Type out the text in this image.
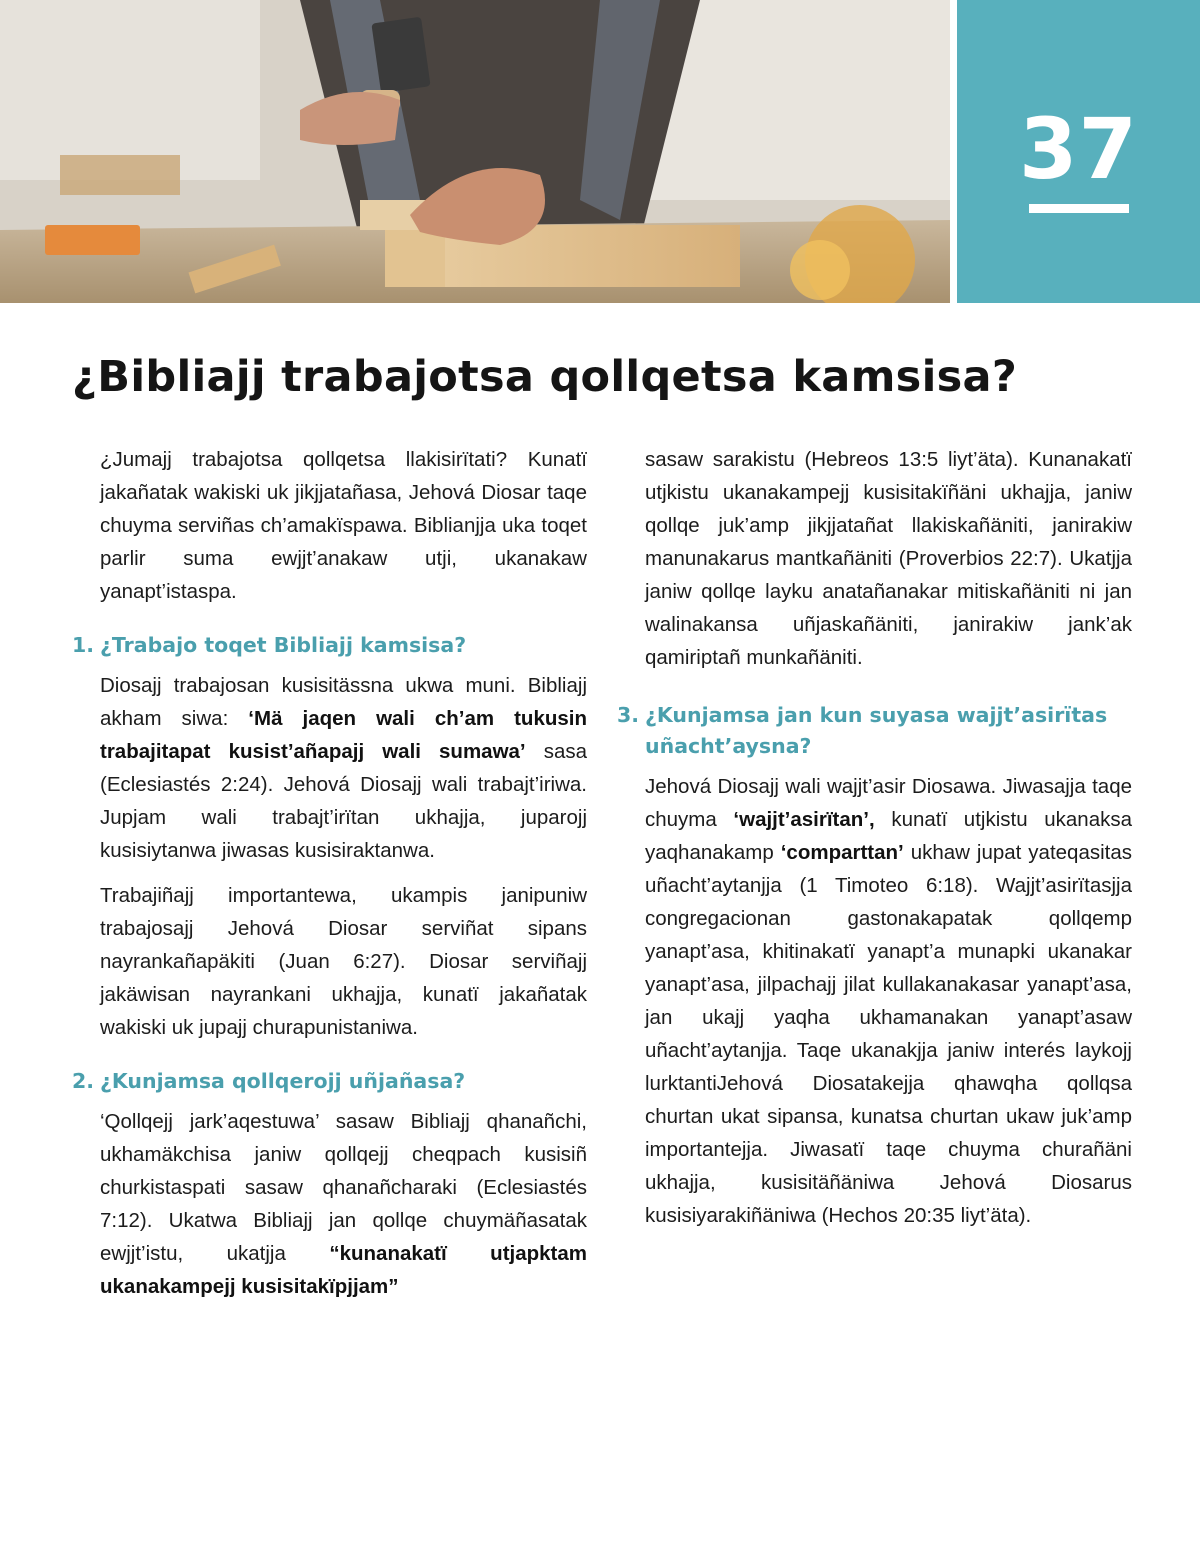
37
¿Bibliajj trabajotsa qollqetsa kamsisa?

¿Jumajj trabajotsa qollqetsa llakisirïtati? Kunatï jakañatak wakiski uk jikjjatañasa, Jehová Diosar taqe chuyma serviñas ch’amakïspawa. Biblianjja uka toqet parlir suma ewjjt’anakaw utji, ukanakaw yanapt’istaspa.

1. ¿Trabajo toqet Bibliajj kamsisa?

Diosajj trabajosan kusisitässna ukwa muni. Bibliajj akham siwa: ‘Mä jaqen wali ch’am tukusin trabajitapat kusist’añapajj wali sumawa’ sasa (Eclesiastés 2:24). Jehová Diosajj wali trabajt’iriwa. Jupjam wali trabajt’irïtan ukhajja, juparojj kusisiytanwa jiwasas kusisiraktanwa.

Trabajiñajj importantewa, ukampis janipuniw trabajosajj Jehová Diosar serviñat sipans nayrankañapäkiti (Juan 6:27). Diosar serviñajj jakäwisan nayrankani ukhajja, kunatï jakañatak wakiski uk jupajj churapunistaniwa.

2. ¿Kunjamsa qollqerojj uñjañasa?

‘Qollqejj jark’aqestuwa’ sasaw Bibliajj qhanañchi, ukhamäkchisa janiw qollqejj cheqpach kusisiñ churkistaspati sasaw qhanañcharaki (Eclesiastés 7:12). Ukatwa Bibliajj jan qollqe chuymäñasatak ewjjt’istu, ukatjja “kunanakatï utjapktam ukanakampejj kusisitakïpjjam”

sasaw sarakistu (Hebreos 13:5 liyt’äta). Kunanakatï utjkistu ukanakampejj kusisitakïñäni ukhajja, janiw qollqe juk’amp jikjjatañat llakiskañäniti, janirakiw manunakarus mantkañäniti (Proverbios 22:7). Ukatjja janiw qollqe layku anatañanakar mitiskañäniti ni jan walinakansa uñjaskañäniti, janirakiw jank’ak qamiriptañ munkañäniti.

3. ¿Kunjamsa jan kun suyasa wajjt’asirïtas uñacht’aysna?

Jehová Diosajj wali wajjt’asir Diosawa. Jiwasajja taqe chuyma ‘wajjt’asirïtan’, kunatï utjkistu ukanaksa yaqhanakamp ‘comparttan’ ukhaw jupat yateqasitas uñacht’aytanjja (1 Timoteo 6:18). Wajjt’asirïtasjja congregacionan gastonakapatak qollqemp yanapt’asa, khitinakatï yanapt’a munapki ukanakar yanapt’asa, jilpachajj jilat kullakanakasar yanapt’asa, jan ukajj yaqha ukhamanakan yanapt’asaw uñacht’aytanjja. Taqe ukanakjja janiw interés laykojj lurktantiJehová Diosatakejja qhawqha qollqsa churtan ukat sipansa, kunatsa churtan ukaw juk’amp importantejja. Jiwasatï taqe chuyma churañäni ukhajja, kusisitäñäniwa Jehová Diosarus kusisiyarakiñäniwa (Hechos 20:35 liyt’äta).
